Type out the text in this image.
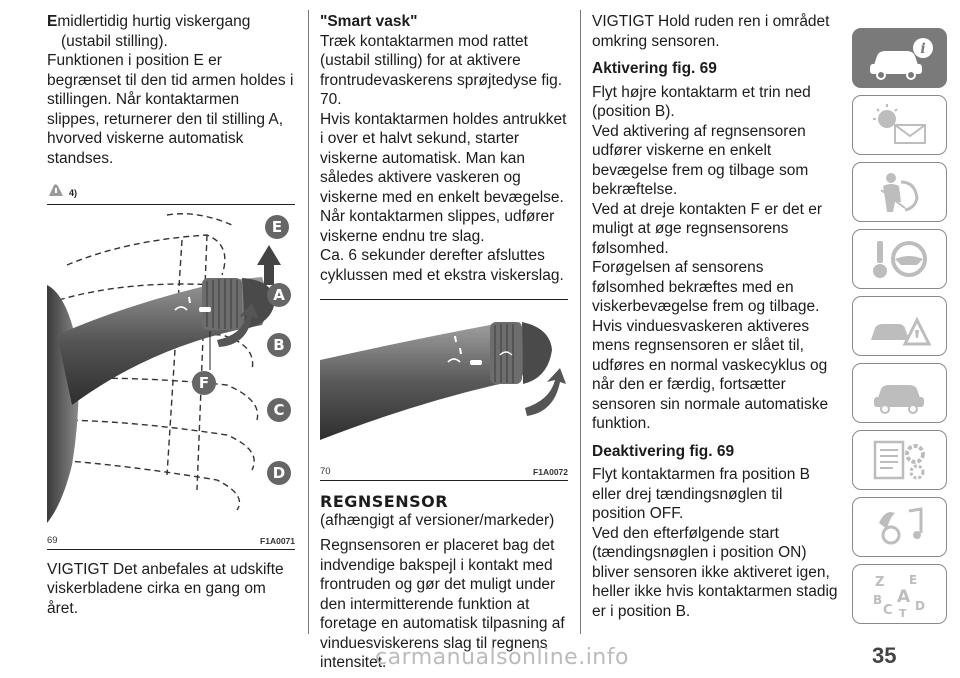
Emidlertidig hurtig viskergang (ustabil stilling).

Funktionen i position E er begrænset til den tid armen holdes i stillingen. Når kontaktarmen slippes, returnerer den til stilling A, hvorved viskerne automatisk standses.

4)

E
A
B
C
D
F
69	F1A0071

VIGTIGT Det anbefales at udskifte viskerbladene cirka en gang om året.

"Smart vask"

Træk kontaktarmen mod rattet (ustabil stilling) for at aktivere frontrudevaskerens sprøjtedyse fig. 70.

Hvis kontaktarmen holdes antrukket i over et halvt sekund, starter viskerne automatisk. Man kan således aktivere vaskeren og viskerne med en enkelt bevægelse.

Når kontaktarmen slippes, udfører viskerne endnu tre slag.

Ca. 6 sekunder derefter afsluttes cyklussen med et ekstra viskerslag.

70	F1A0072

REGNSENSOR

(afhængigt af versioner/markeder)

Regnsensoren er placeret bag det indvendige bakspejl i kontakt med frontruden og gør det muligt under den intermitterende funktion at foretage en automatisk tilpasning af vinduesviskerens slag til regnens intensitet.

VIGTIGT Hold ruden ren i området omkring sensoren.

Aktivering fig. 69

Flyt højre kontaktarm et trin ned (position B).

Ved aktivering af regnsensoren udfører viskerne en enkelt bevægelse frem og tilbage som bekræftelse.

Ved at dreje kontakten F er det er muligt at øge regnsensorens følsomhed.

Forøgelsen af sensorens følsomhed bekræftes med en viskerbevægelse frem og tilbage.

Hvis vinduesvaskeren aktiveres mens regnsensoren er slået til, udføres en normal vaskecyklus og når den er færdig, fortsætter sensoren sin normale automatiske funktion.

Deaktivering fig. 69

Flyt kontaktarmen fra position B eller drej tændingsnøglen til position OFF.

Ved den efterfølgende start (tændingsnøglen i position ON) bliver sensoren ikke aktiveret igen, heller ikke hvis kontaktarmen stadig er i position B.

i
Z E
B A
C D
T
35
carmanualsonline.info
